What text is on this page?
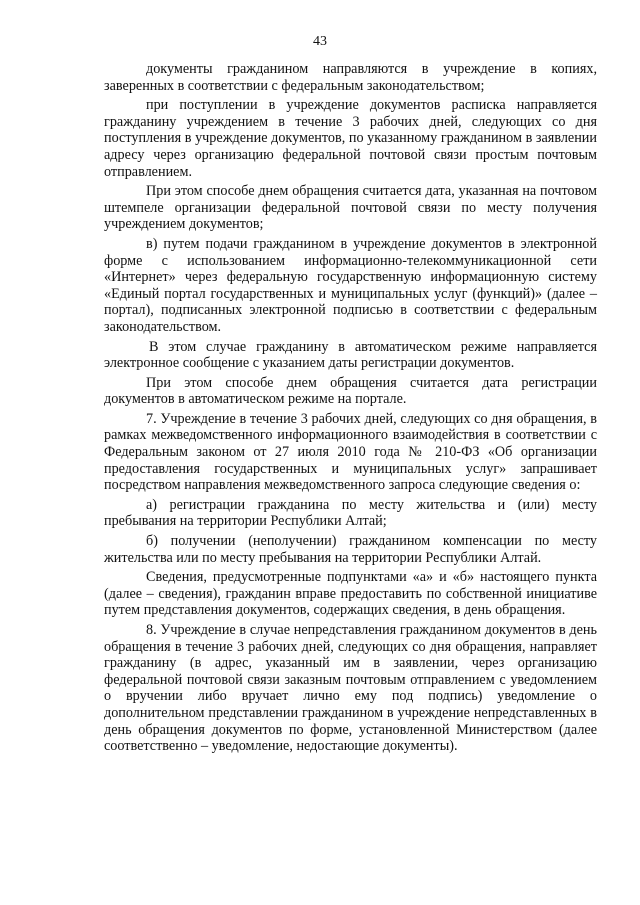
43

документы гражданином направляются в учреждение в копиях, заверенных в соответствии с федеральным законодательством;

при поступлении в учреждение документов расписка направляется гражданину учреждением в течение 3 рабочих дней, следующих со дня поступления в учреждение документов, по указанному гражданином в заявлении адресу через организацию федеральной почтовой связи простым почтовым отправлением.

При этом способе днем обращения считается дата, указанная на почтовом штемпеле организации федеральной почтовой связи по месту получения учреждением документов;

в) путем подачи гражданином в учреждение документов в электронной форме с использованием информационно-телекоммуникационной сети «Интернет» через федеральную государственную информационную систему «Единый портал государственных и муниципальных услуг (функций)» (далее – портал), подписанных электронной подписью в соответствии с федеральным законодательством.

В этом случае гражданину в автоматическом режиме направляется электронное сообщение с указанием даты регистрации документов.

При этом способе днем обращения считается дата регистрации документов в автоматическом режиме на портале.

7. Учреждение в течение 3 рабочих дней, следующих со дня обращения, в рамках межведомственного информационного взаимодействия в соответствии с Федеральным законом от 27 июля 2010 года № 210-ФЗ «Об организации предоставления государственных и муниципальных услуг» запрашивает посредством направления межведомственного запроса следующие сведения о:

а) регистрации гражданина по месту жительства и (или) месту пребывания на территории Республики Алтай;

б) получении (неполучении) гражданином компенсации по месту жительства или по месту пребывания на территории Республики Алтай.

Сведения, предусмотренные подпунктами «а» и «б» настоящего пункта (далее – сведения), гражданин вправе предоставить по собственной инициативе путем представления документов, содержащих сведения, в день обращения.

8. Учреждение в случае непредставления гражданином документов в день обращения в течение 3 рабочих дней, следующих со дня обращения, направляет гражданину (в адрес, указанный им в заявлении, через организацию федеральной почтовой связи заказным почтовым отправлением с уведомлением о вручении либо вручает лично ему под подпись) уведомление о дополнительном представлении гражданином в учреждение непредставленных в день обращения документов по форме, установленной Министерством (далее соответственно – уведомление, недостающие документы).
